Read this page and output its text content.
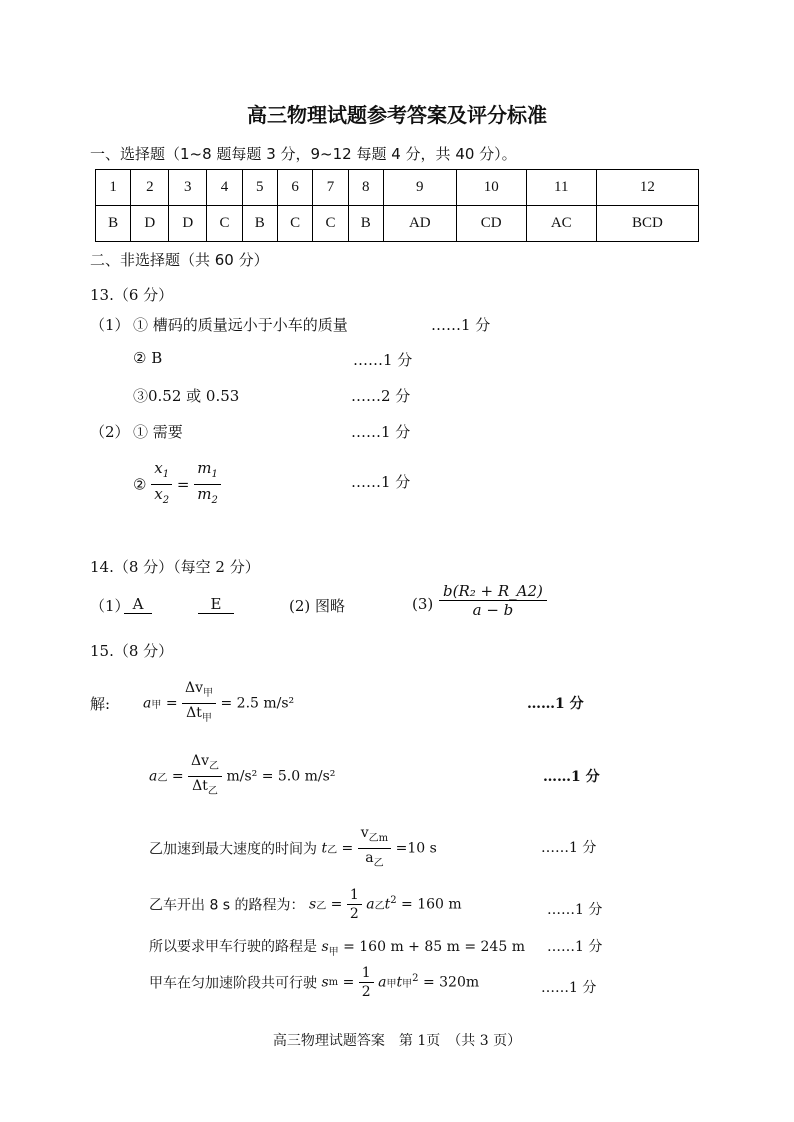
高三物理试题参考答案及评分标准
一、选择题（1~8 题每题 3 分，9~12 每题 4 分，共 40 分）。
1	2	3	4	5	6	7	8	9	10	11	12
B	D	D	C	B	C	C	B	AD	CD	AC	BCD
二、非选择题（共 60 分）
13.（6 分）
（1） ① 槽码的质量远小于小车的质量	……1 分
② B	……1 分
③0.52 或 0.53	……2 分
（2） ① 需要	……1 分
② $\frac{x_1}{x_2} = \frac{m_1}{m_2}$	……1 分
14.（8 分）（每空 2 分）
（1） A	E	(2) 图略	$(3) \frac{\text{b(R₂ + R\_A2)}}{a - b}$
15.（8 分）
解: a甲 = $\frac{\Delta v_甲}{\Delta t_甲} = 2.5$ m/s²	……1 分
a乙 = $\frac{\Delta v_乙}{\Delta t_乙} m/s^2 = 5.0$ m/s²	……1 分
乙加速到最大速度的时间为 t乙 = $\frac{v_{乙m}}{a_乙} =10$ s	……1 分
乙车开出 8 s 的路程为： s乙 = $\frac{1}{2}$ a乙$t^2 = 160$ m	……1 分
所以要求甲车行驶的路程是 $s_甲 = 160$ m + 85 m = 245 m ……1 分
甲车在匀加速阶段共可行驶 sm = $\frac{1}{2}$ a甲t甲$^2$ = 320m	……1 分
高三物理试题答案　第 1页　（共 3 页）
